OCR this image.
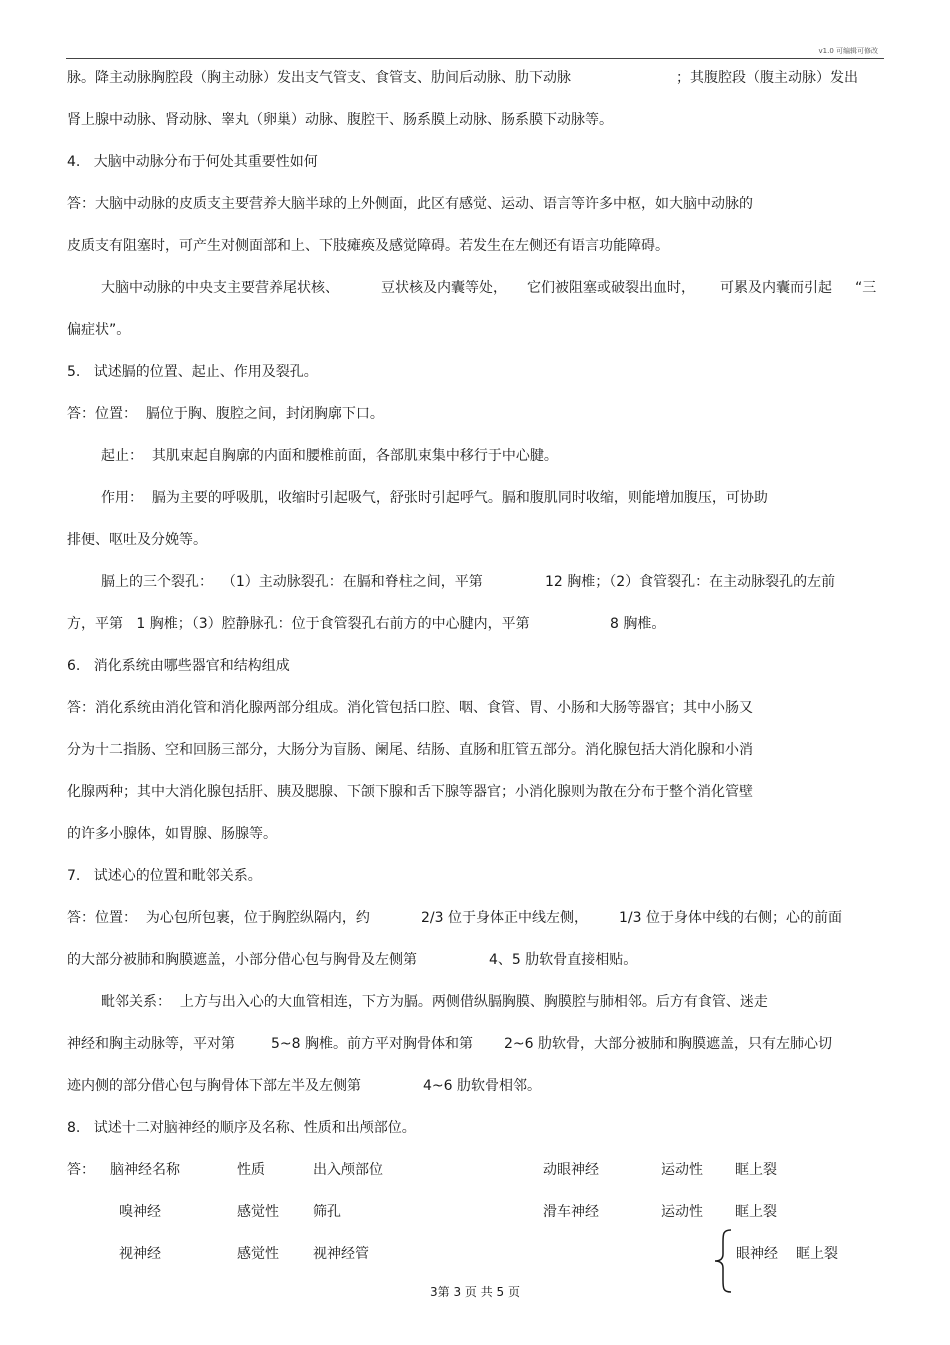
v1.0 可编辑可修改
脉。降主动脉胸腔段（胸主动脉）发出支气管支、食管支、肋间后动脉、肋下动脉	；其腹腔段（腹主动脉）发出
肾上腺中动脉、肾动脉、睾丸（卵巢）动脉、腹腔干、肠系膜上动脉、肠系膜下动脉等。
4.   大脑中动脉分布于何处其重要性如何
答：大脑中动脉的皮质支主要营养大脑半球的上外侧面，此区有感觉、运动、语言等许多中枢，如大脑中动脉的
皮质支有阻塞时，可产生对侧面部和上、下肢瘫痪及感觉障碍。若发生在左侧还有语言功能障碍。
大脑中动脉的中央支主要营养尾状核、	豆状核及内囊等处， 它们被阻塞或破裂出血时， 可累及内囊而引起 “三
偏症状”。
5.   试述膈的位置、起止、作用及裂孔。
答：位置：  膈位于胸、腹腔之间，封闭胸廓下口。
起止：  其肌束起自胸廓的内面和腰椎前面，各部肌束集中移行于中心腱。
作用：  膈为主要的呼吸肌，收缩时引起吸气，舒张时引起呼气。膈和腹肌同时收缩，则能增加腹压，可协助
排便、呕吐及分娩等。
膈上的三个裂孔：  （1）主动脉裂孔：在膈和脊柱之间，平第	12 胸椎；（2）食管裂孔：在主动脉裂孔的左前
方，平第   1 胸椎；（3）腔静脉孔：位于食管裂孔右前方的中心腱内，平第	8 胸椎。
6.   消化系统由哪些器官和结构组成
答：消化系统由消化管和消化腺两部分组成。消化管包括口腔、咽、食管、胃、小肠和大肠等器官；其中小肠又
分为十二指肠、空和回肠三部分，大肠分为盲肠、阑尾、结肠、直肠和肛管五部分。消化腺包括大消化腺和小消
化腺两种；其中大消化腺包括肝、胰及腮腺、下颌下腺和舌下腺等器官；小消化腺则为散在分布于整个消化管壁
的许多小腺体，如胃腺、肠腺等。
7.   试述心的位置和毗邻关系。
答：位置：  为心包所包裹，位于胸腔纵隔内，约	2/3 位于身体正中线左侧， 1/3 位于身体中线的右侧；心的前面
的大部分被肺和胸膜遮盖，小部分借心包与胸骨及左侧第	4、5 肋软骨直接相贴。
毗邻关系：  上方与出入心的大血管相连，下方为膈。两侧借纵膈胸膜、胸膜腔与肺相邻。后方有食管、迷走
神经和胸主动脉等，平对第	5~8 胸椎。前方平对胸骨体和第 2~6 肋软骨，大部分被肺和胸膜遮盖，只有左肺心切
迹内侧的部分借心包与胸骨体下部左半及左侧第	4~6 肋软骨相邻。
8.   试述十二对脑神经的顺序及名称、性质和出颅部位。
答： 脑神经名称	性质	出入颅部位
嗅神经	感觉性 筛孔
视神经	感觉性 视神经管
动眼神经	运动性 眶上裂
滑车神经	运动性 眶上裂
眼神经 眶上裂
3第 3 页 共 5 页
